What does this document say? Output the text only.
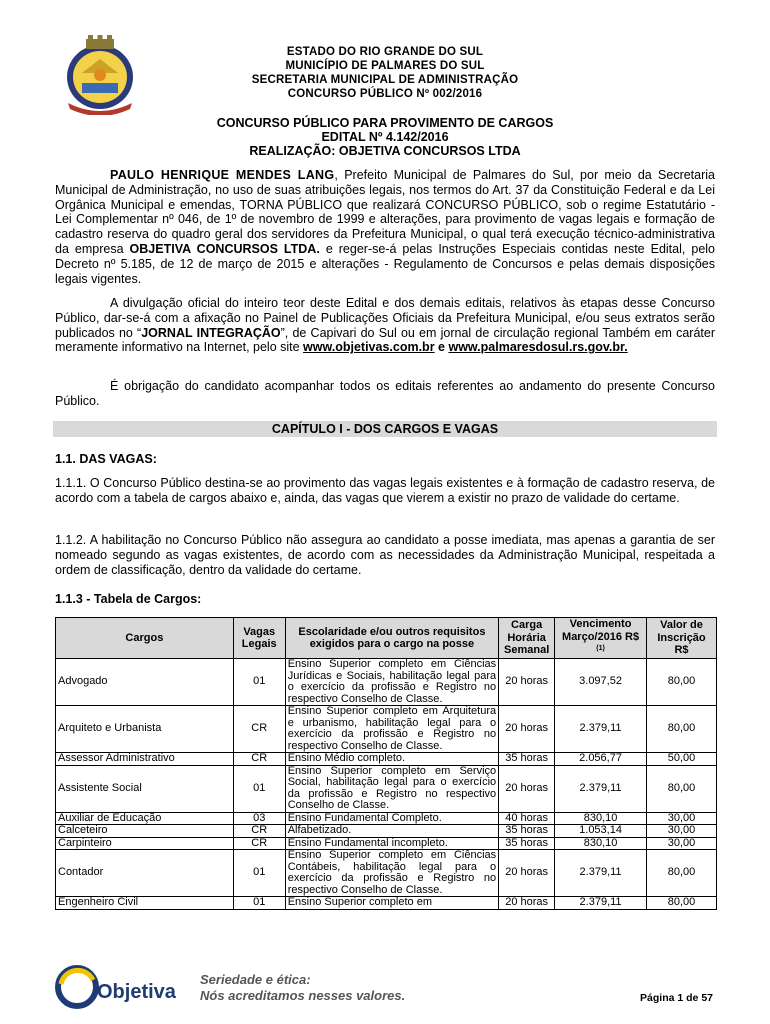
ESTADO DO RIO GRANDE DO SUL
MUNICÍPIO DE PALMARES DO SUL
SECRETARIA MUNICIPAL DE ADMINISTRAÇÃO
CONCURSO PÚBLICO Nº 002/2016
CONCURSO PÚBLICO PARA PROVIMENTO DE CARGOS
EDITAL Nº 4.142/2016
REALIZAÇÃO: OBJETIVA CONCURSOS LTDA
PAULO HENRIQUE MENDES LANG, Prefeito Municipal de Palmares do Sul, por meio da Secretaria Municipal de Administração, no uso de suas atribuições legais, nos termos do Art. 37 da Constituição Federal e da Lei Orgânica Municipal e emendas, TORNA PÚBLICO que realizará CONCURSO PÚBLICO, sob o regime Estatutário - Lei Complementar nº 046, de 1º de novembro de 1999 e alterações, para provimento de vagas legais e formação de cadastro reserva do quadro geral dos servidores da Prefeitura Municipal, o qual terá execução técnico-administrativa da empresa OBJETIVA CONCURSOS LTDA. e reger-se-á pelas Instruções Especiais contidas neste Edital, pelo Decreto nº 5.185, de 12 de março de 2015 e alterações - Regulamento de Concursos e pelas demais disposições legais vigentes.
A divulgação oficial do inteiro teor deste Edital e dos demais editais, relativos às etapas desse Concurso Público, dar-se-á com a afixação no Painel de Publicações Oficiais da Prefeitura Municipal, e/ou seus extratos serão publicados no “JORNAL INTEGRAÇÃO”, de Capivari do Sul ou em jornal de circulação regional Também em caráter meramente informativo na Internet, pelo site www.objetivas.com.br e www.palmaresdosul.rs.gov.br.
É obrigação do candidato acompanhar todos os editais referentes ao andamento do presente Concurso Público.
CAPÍTULO I - DOS CARGOS E VAGAS
1.1. DAS VAGAS:
1.1.1. O Concurso Público destina-se ao provimento das vagas legais existentes e à formação de cadastro reserva, de acordo com a tabela de cargos abaixo e, ainda, das vagas que vierem a existir no prazo de validade do certame.
1.1.2. A habilitação no Concurso Público não assegura ao candidato a posse imediata, mas apenas a garantia de ser nomeado segundo as vagas existentes, de acordo com as necessidades da Administração Municipal, respeitada a ordem de classificação, dentro da validade do certame.
1.1.3 - Tabela de Cargos:
Cargos	Vagas Legais	Escolaridade e/ou outros requisitos exigidos para o cargo na posse	Carga Horária Semanal	Vencimento Março/2016 R$ $^{(1)}$	Valor de Inscrição R$
Advogado	01	Ensino Superior completo em Ciências Jurídicas e Sociais, habilitação legal para o exercício da profissão e Registro no respectivo Conselho de Classe.	20 horas	3.097,52	80,00
Arquiteto e Urbanista	CR	Ensino Superior completo em Arquitetura e urbanismo, habilitação legal para o exercício da profissão e Registro no respectivo Conselho de Classe.	20 horas	2.379,11	80,00
Assessor Administrativo	CR	Ensino Médio completo.	35 horas	2.056,77	50,00
Assistente Social	01	Ensino Superior completo em Serviço Social, habilitação legal para o exercício da profissão e Registro no respectivo Conselho de Classe.	20 horas	2.379,11	80,00
Auxiliar de Educação	03	Ensino Fundamental Completo.	40 horas	830,10	30,00
Calceteiro	CR	Alfabetizado.	35 horas	1.053,14	30,00
Carpinteiro	CR	Ensino Fundamental incompleto.	35 horas	830,10	30,00
Contador	01	Ensino Superior completo em Ciências Contábeis, habilitação legal para o exercício da profissão e Registro no respectivo Conselho de Classe.	20 horas	2.379,11	80,00
Engenheiro Civil	01	Ensino Superior completo em	20 horas	2.379,11	80,00
Objetiva
Seriedade e ética:
Nós acreditamos nesses valores.	Página 1 de 57
